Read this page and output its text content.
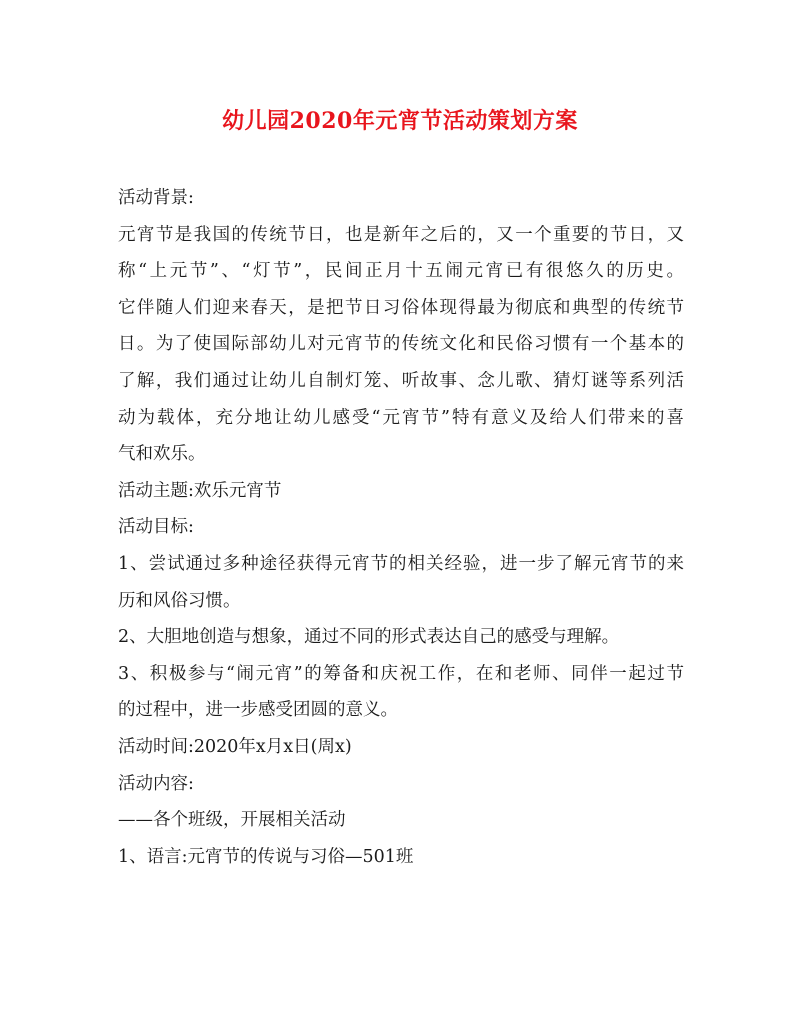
幼儿园2020年元宵节活动策划方案

活动背景:

元宵节是我国的传统节日，也是新年之后的，又一个重要的节日，又
称“上元节”、“灯节”，民间正月十五闹元宵已有很悠久的历史。
它伴随人们迎来春天，是把节日习俗体现得最为彻底和典型的传统节
日。为了使国际部幼儿对元宵节的传统文化和民俗习惯有一个基本的
了解，我们通过让幼儿自制灯笼、听故事、念儿歌、猜灯谜等系列活
动为载体，充分地让幼儿感受“元宵节”特有意义及给人们带来的喜
气和欢乐。

活动主题:欢乐元宵节

活动目标:

1、尝试通过多种途径获得元宵节的相关经验，进一步了解元宵节的来
历和风俗习惯。

2、大胆地创造与想象，通过不同的形式表达自己的感受与理解。

3、积极参与“闹元宵”的筹备和庆祝工作，在和老师、同伴一起过节
的过程中，进一步感受团圆的意义。

活动时间:2020年x月x日(周x)

活动内容:

——各个班级，开展相关活动

1、语言:元宵节的传说与习俗—501班
